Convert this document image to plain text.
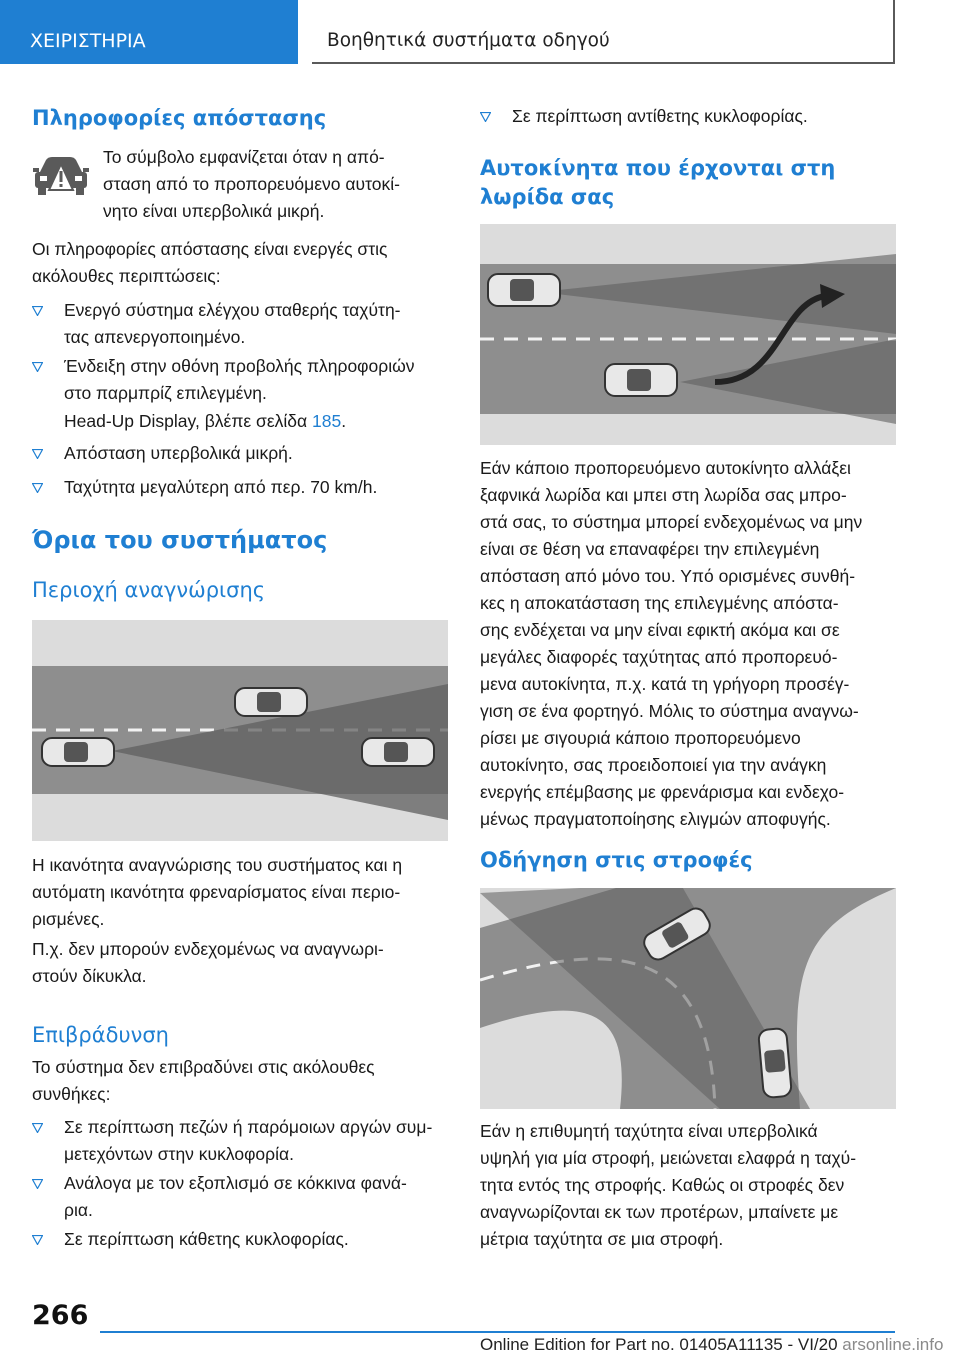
ΧΕΙΡΙΣΤΗΡΙΑ	Βοηθητικά συστήματα οδηγού
Πληροφορίες απόστασης
Το σύμβολο εμφανίζεται όταν η από-
σταση από το προπορευόμενο αυτοκί-
νητο είναι υπερβολικά μικρή.
Οι πληροφορίες απόστασης είναι ενεργές στις
ακόλουθες περιπτώσεις:
Ενεργό σύστημα ελέγχου σταθερής ταχύτη-
τας απενεργοποιημένο.
Ένδειξη στην οθόνη προβολής πληροφοριών
στο παρμπρίζ επιλεγμένη.
Head-Up Display, βλέπε σελίδα 185.
Απόσταση υπερβολικά μικρή.
Ταχύτητα μεγαλύτερη από περ. 70 km/h.
Όρια του συστήματος
Περιοχή αναγνώρισης
Η ικανότητα αναγνώρισης του συστήματος και η
αυτόματη ικανότητα φρεναρίσματος είναι περιο-
ρισμένες.
Π.χ. δεν μπορούν ενδεχομένως να αναγνωρι-
στούν δίκυκλα.
Επιβράδυνση
Το σύστημα δεν επιβραδύνει στις ακόλουθες
συνθήκες:
Σε περίπτωση πεζών ή παρόμοιων αργών συμ-
μετεχόντων στην κυκλοφορία.
Ανάλογα με τον εξοπλισμό σε κόκκινα φανά-
ρια.
Σε περίπτωση κάθετης κυκλοφορίας.
Σε περίπτωση αντίθετης κυκλοφορίας.
Αυτοκίνητα που έρχονται στη
λωρίδα σας
Εάν κάποιο προπορευόμενο αυτοκίνητο αλλάξει
ξαφνικά λωρίδα και μπει στη λωρίδα σας μπρο-
στά σας, το σύστημα μπορεί ενδεχομένως να μην
είναι σε θέση να επαναφέρει την επιλεγμένη
απόσταση από μόνο του. Υπό ορισμένες συνθή-
κες η αποκατάσταση της επιλεγμένης απόστα-
σης ενδέχεται να μην είναι εφικτή ακόμα και σε
μεγάλες διαφορές ταχύτητας από προπορευό-
μενα αυτοκίνητα, π.χ. κατά τη γρήγορη προσέγ-
γιση σε ένα φορτηγό. Μόλις το σύστημα αναγνω-
ρίσει με σιγουριά κάποιο προπορευόμενο
αυτοκίνητο, σας προειδοποιεί για την ανάγκη
ενεργής επέμβασης με φρενάρισμα και ενδεχο-
μένως πραγματοποίησης ελιγμών αποφυγής.
Οδήγηση στις στροφές
Εάν η επιθυμητή ταχύτητα είναι υπερβολικά
υψηλή για μία στροφή, μειώνεται ελαφρά η ταχύ-
τητα εντός της στροφής. Καθώς οι στροφές δεν
αναγνωρίζονται εκ των προτέρων, μπαίνετε με
μέτρια ταχύτητα σε μια στροφή.
266
Online Edition for Part no. 01405A11135 - VI/20 arsonline.info
